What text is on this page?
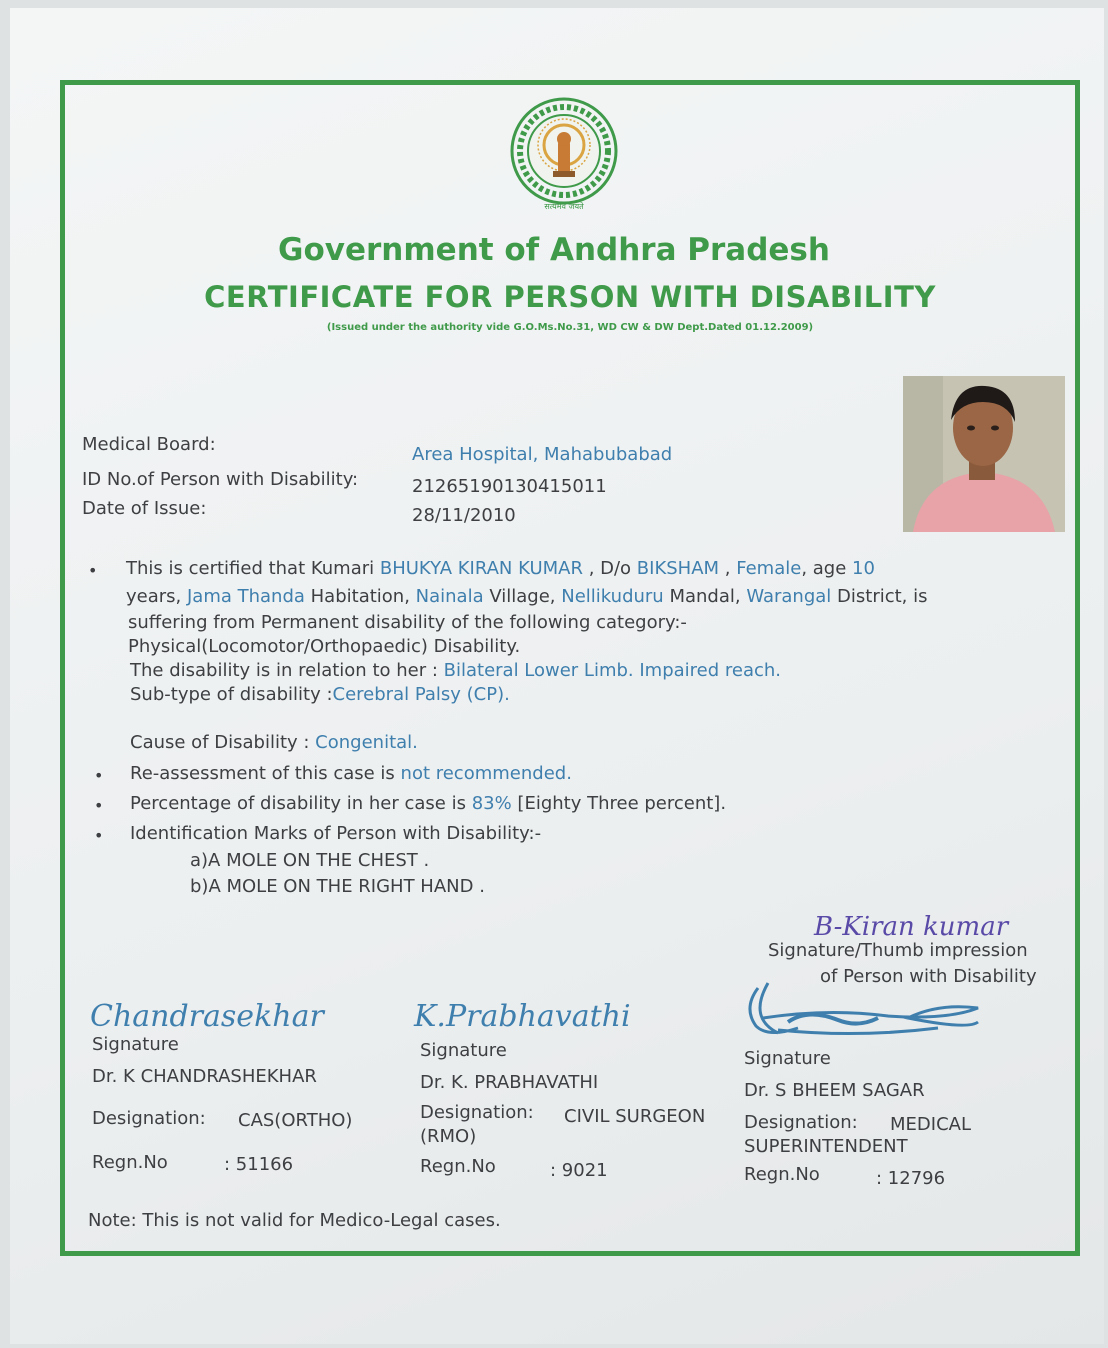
सत्यमेव जयते
Government of Andhra Pradesh
CERTIFICATE FOR PERSON WITH DISABILITY
(Issued under the authority vide G.O.Ms.No.31, WD CW & DW Dept.Dated 01.12.2009)
Medical Board:	Area Hospital, Mahabubabad
ID No.of Person with Disability:	21265190130415011
Date of Issue:	28/11/2010
• This is certified that Kumari BHUKYA KIRAN KUMAR , D/o BIKSHAM , Female, age 10
years, Jama Thanda Habitation, Nainala Village, Nellikuduru Mandal, Warangal District, is
suffering from Permanent disability of the following category:-
Physical(Locomotor/Orthopaedic) Disability.
The disability is in relation to her : Bilateral Lower Limb. Impaired reach.
Sub-type of disability :Cerebral Palsy (CP).
Cause of Disability : Congenital.
• Re-assessment of this case is not recommended.
• Percentage of disability in her case is 83% [Eighty Three percent].
• Identification Marks of Person with Disability:-
a)A MOLE ON THE CHEST .
b)A MOLE ON THE RIGHT HAND .
B-Kiran kumar
Signature/Thumb impression
of Person with Disability
Chandrasekhar
Signature
Dr. K CHANDRASHEKHAR
Designation: CAS(ORTHO)
Regn.No	: 51166
K.Prabhavathi
Signature
Dr. K. PRABHAVATHI
Designation: CIVIL SURGEON
(RMO)
Regn.No	: 9021
Signature
Dr. S BHEEM SAGAR
Designation: MEDICAL
SUPERINTENDENT
Regn.No	: 12796
Note: This is not valid for Medico-Legal cases.
